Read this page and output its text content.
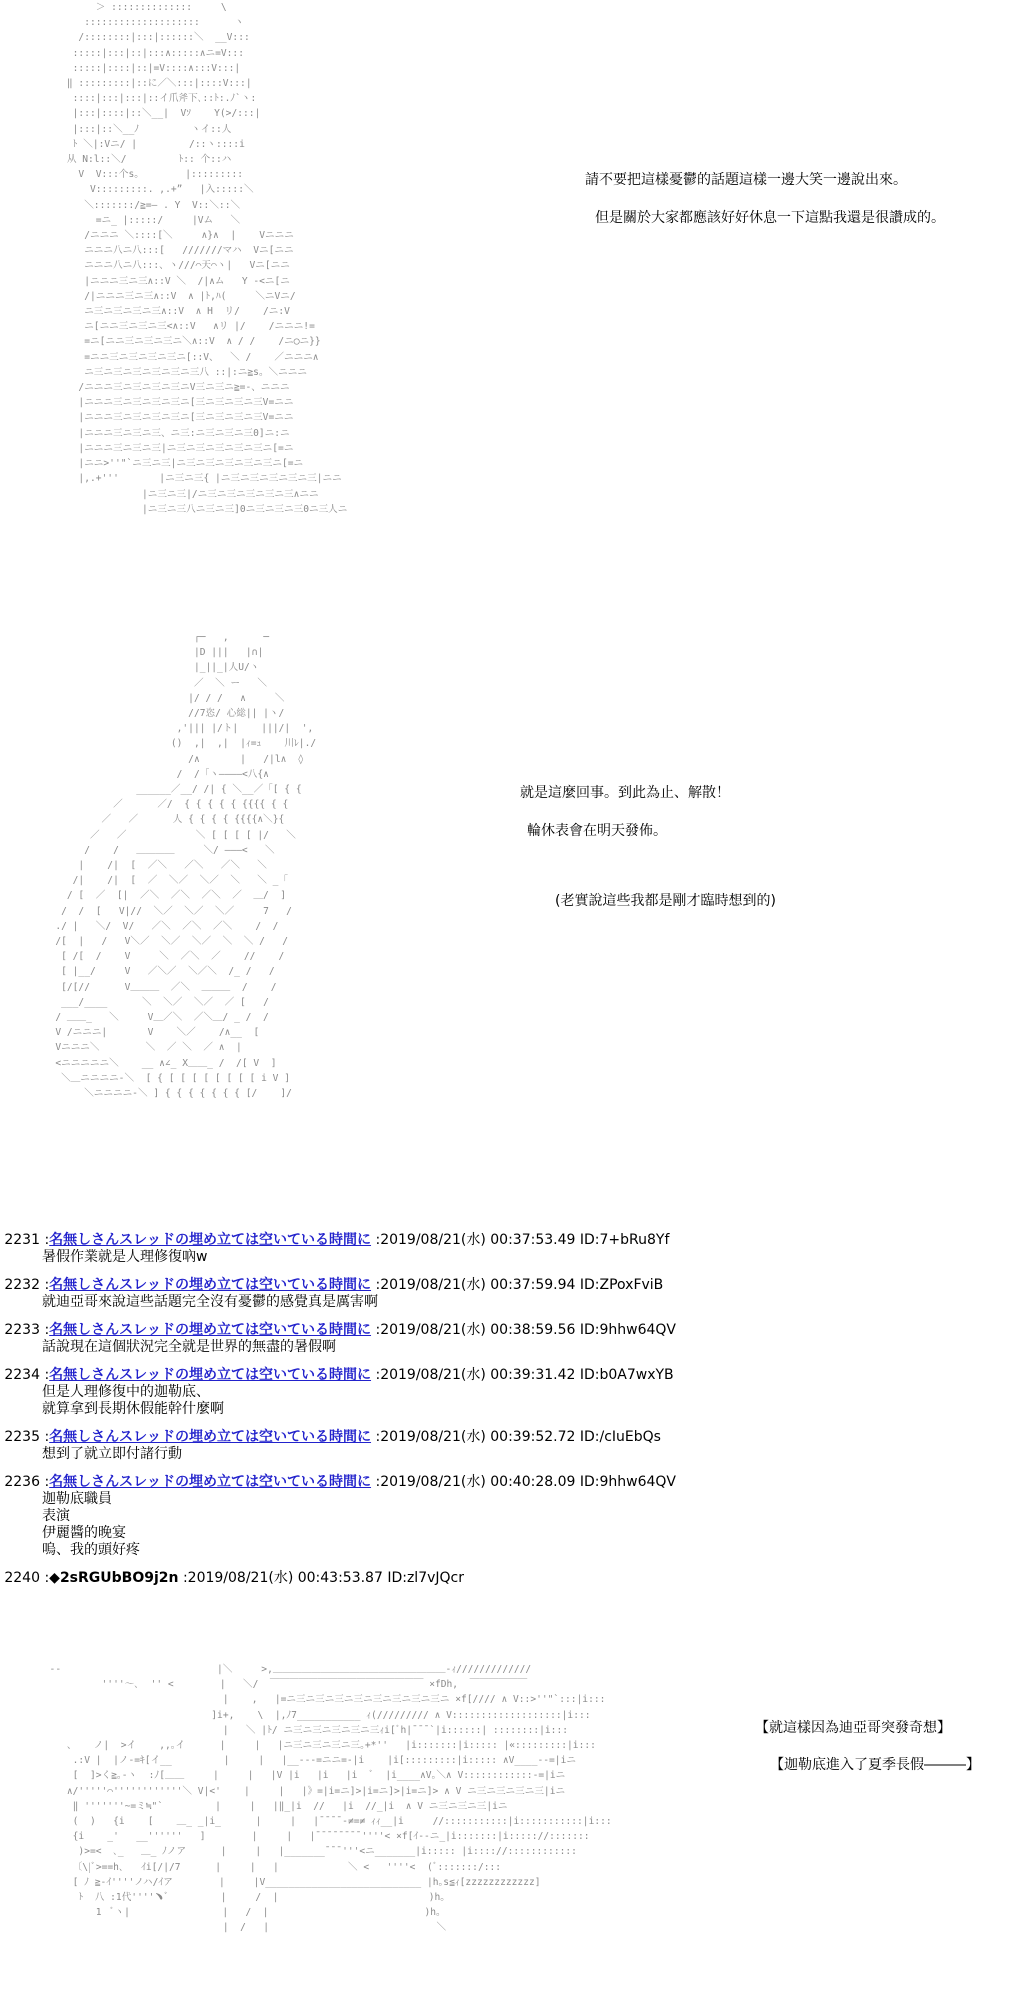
＞ ::::::::::::::     \
::::::::::::::::::::      ヽ
/::::::::|:::|::::::＼  __V:::
:::::|:::|::|:::∧:::::∧ニ=V:::
:::::|::::|::|=V::::∧:::V:::|
‖ :::::::::|::に／＼:::|::::V:::|
::::|:::|:::|::イ爪斧下､::ﾄ:.ﾉ`ヽ:
|:::|::::|::＼__|  Vｿ    Y(>/:::|
|:::|::＼__ﾉ         ヽイ::人
ﾄ ＼|:Vニ/ |         /::ヽ::::i
从 N:l::＼/         ﾄ:: 个::ハ
V  V:::个s｡        |:::::::::
V:::::::::. ,.+”   |入:::::＼
＼:::::::/≧=― . Y  V::＼::＼
=ニ_ |:::::/     |Vム   ＼
/ニニニ ＼::::[＼     ∧}∧  |    Vニニニ
ニニニ八ニ八:::[   ///////マハ  Vニ[ニニ
ニニニ八ニ八:::、ヽ///⌒天⌒ヽ|   Vニ[ニニ
|ニニニ三ニ三∧::V ＼  /|∧ム   Y -<ニ[ニ
/|ニニニ三ニ三∧::V  ∧ |ﾄ,ﾊ(     ＼ニVニ/
ニ三ニ三ニ三ニ三∧::V  ∧ H  リ/    /ニ:V
ニ[ニニ三ニ三ニ三<∧::V   ∧リ |/    /ニニニ!=
=ニ[ニニ三ニ三ニ三ニ＼∧::V  ∧ / /    /ニ◯ニ}}
=ニニ三ニ三ニ三ニ三ニ[::V、  ＼ /    ／ニニニ∧
ニ三ニ三ニ三ニ三ニ三ニ三八 ::|:ニ≧s。＼ニニニ
/ニニニ三ニ三ニ三ニ三ニV三ニ三ニ≧=-、ニニニ
|ニニニ三ニ三ニ三ニ三ニ[三ニ三ニ三ニ三V=ニニ
|ニニニ三ニ三ニ三ニ三ニ[三ニ三ニ三ニ三V=ニニ
|ニニニ三ニ三ニ三、ニ三:ニ三ニ三ニ三0]ニ:ニ
|ニニニ三ニ三ニ三|ニ三ニ三ニ三ニ三ニ三ニ[=ニ
|ニニ>''"`ニ三ニ三|ニ三ニ三ニ三ニ三ニ三ニ[=ニ
|,.+'''       |ニ三ニ三{ |ニ三ニ三ニ三ニ三ニ三|ニニ
|ニ三ニ三|/ニ三ニ三ニ三ニ三ニ三∧ニニ
|ニ三ニ三八ニ三ニ三]0ニ三ニ三ニ三0ニ三人ニ
請不要把這樣憂鬱的話題這樣一邊大笑一邊說出來。
但是關於大家都應該好好休息一下這點我還是很讚成的。
┌─   ,      ─
|D |||   |∩|
|_||_|人U/ヽ
／  ＼ ー   ＼
|/ / /   ∧     ＼
//7恣/ 心総|| |ヽ/
,'||| |/ト|    |||/|  ',
()  ,|  ,|  |ｨ=ｭ    川ﾚ|./
/∧       |   /|l∧  ◊
/  /「ヽ――――<八{∧
______／__/ /| { ＼__／「[ { {
／      ／/  { { { { { {{{{ { {
／   ／      人 { { { { {{{{∧＼}{
／   ／            ＼ [ [ [ [ |/   ＼
/    /   ＿＿＿＿     ＼/ ―――<   ＼
|    /|  [  ／＼   ／＼   ／＼   ＼
/|    /|  [  ／  ＼／  ＼／  ＼   ＼ _「
/ [  ／  [|  ／＼  ／＼  ／＼  ／  ＿/  ]
/  /  [   V|//  ＼／  ＼／  ＼／     7   /
./ |   ＼/  V/   ／＼  ／＼  ／＼    /  /
/[  |   /   V＼／  ＼／  ＼／  ＼  ＼ /   /
[ /[  /    V     ＼  ／＼  ／    //    /
[ |__/     V   ／＼／  ＼／＼  /_ /   /
[/[//      V＿＿＿  ／＼  ＿＿＿  /    /
___/____      ＼  ＼／  ＼／  ／ [   /
/ ＿＿_   ＼     V＿／＼  ／＼＿/ _ /  /
V /ニニニ|       V    ＼／    /∧__  [
Vニニニ＼        ＼  ／ ＼  ／ ∧  |
<ニニニニニ＼    __ ∧∠_ X＿＿_ /  /[ V  ]
＼＿ニニニニ-＼  [ { [ [ [ [ [ [ [ [ i V ]
＼ニニニニ-＼ ] { { { { { { { [/    ]/
就是這麼回事。到此為止、解散！
輪休表會在明天發佈。
(老實說這些我都是剛才臨時想到的)
2231 :名無しさんスレッドの埋め立ては空いている時間に :2019/08/21(水) 00:37:53.49 ID:7+bRu8Yf
暑假作業就是人理修復吶w
2232 :名無しさんスレッドの埋め立ては空いている時間に :2019/08/21(水) 00:37:59.94 ID:ZPoxFviB
就迪亞哥來說這些話題完全沒有憂鬱的感覺真是厲害啊
2233 :名無しさんスレッドの埋め立ては空いている時間に :2019/08/21(水) 00:38:59.56 ID:9hhw64QV
話說現在這個狀況完全就是世界的無盡的暑假啊
2234 :名無しさんスレッドの埋め立ては空いている時間に :2019/08/21(水) 00:39:31.42 ID:b0A7wxYB
但是人理修復中的迦勒底、
就算拿到長期休假能幹什麼啊
2235 :名無しさんスレッドの埋め立ては空いている時間に :2019/08/21(水) 00:39:52.72 ID:/cIuEbQs
想到了就立即付諸行動
2236 :名無しさんスレッドの埋め立ては空いている時間に :2019/08/21(水) 00:40:28.09 ID:9hhw64QV
迦勒底職員
表演
伊麗醬的晚宴
嗚、我的頭好疼
2240 :◆2sRGUbBO9j2n :2019/08/21(水) 00:43:53.87 ID:zl7vJQcr
‐‐                           |＼     >,＿＿＿＿＿＿＿＿＿＿＿＿＿＿＿＿＿＿-ｨ/////////////
''''～､  '' <        |   ＼/  ￣￣￣￣￣￣￣￣￣￣￣￣￣￣￣￣ ×fDh,  ￣￣￣￣￣￣
|    ,   |=ニ三ニ三ニ三ニ三ニ三ニ三ニ三ニ三ニ ×f[//// ∧ V::>''"`:::|i:::
]i+,    \  |,ﾉ7___________ ｨ(///////// ∧ V:::::::::::::::::::|i:::
|   ＼ |ﾄ/ ニ三ニ三ニ三ニ三ニ三ｨi[ﾞh|¯¯¯`|i::::::| ::::::::|i:::
、   ノ|  >イ    ,,｡イ      |     |   |ニ三ニ三ニ三ニ三｡+*''   |i:::::::|i::::: |«:::::::::|i:::
.:V |  |ノ-=ｷ[イ__         |     |   |__---=ニニ=-|i    |i[:::::::::|i::::: ∧V____--=|iニ
[  ]>く≧｡-ヽ  :ﾉ[＿＿     |     |   |V |i   |i   |i  ﾞ  |i____∧V｡＼∧ V::::::::::::-=|iニ
∧/'''''⌒''''''''''''＼ V|<'    |     |   |》=|i=ニ]>|i=ニ]>|i=ニ]> ∧ V ニ三ニ三ニ三ニ三|iニ
‖ '''''''~=ミ≒"`         |     |   |‖_|i  //   |i  //_|i  ∧ V ニ三ニ三ニ三|iニ
(  )   {i    [    ＿_ _|i_      |     |   |¯¯¯¯-≠=≠ ｨｨ__|i     //:::::::::::|i:::::::::::|i:::
{i    _'   __''''''   ]        |     |   |¯¯¯¯¯¯¯¯''''< ×f[ｲ--ニ_|i:::::::|i::::://:::::::
)>=<  ､_   ＿_ ﾉノア      |     |   |_______¯¯¯'''<ニ_______|i::::: |i:::://::::::::::::
〔\|ﾞ>==h､   ｲi[/|/7      |     |   |            ＼ <   ''''<  (ﾞ:::::::/:::
[ ﾉ ≧-ｲ''''ノハ/ｲア        |     |V___________________________ |h｡s≦ｨ[zzzzzzzzzzzz]
ﾄ  八 :1代''''﹅ﾞ         |     /  |                          )h｡
1  ﾞヽ|                |   /  |                           )h｡
|  /   |                             ＼
【就這樣因為迪亞哥突發奇想】
【迦勒底進入了夏季長假―――】
